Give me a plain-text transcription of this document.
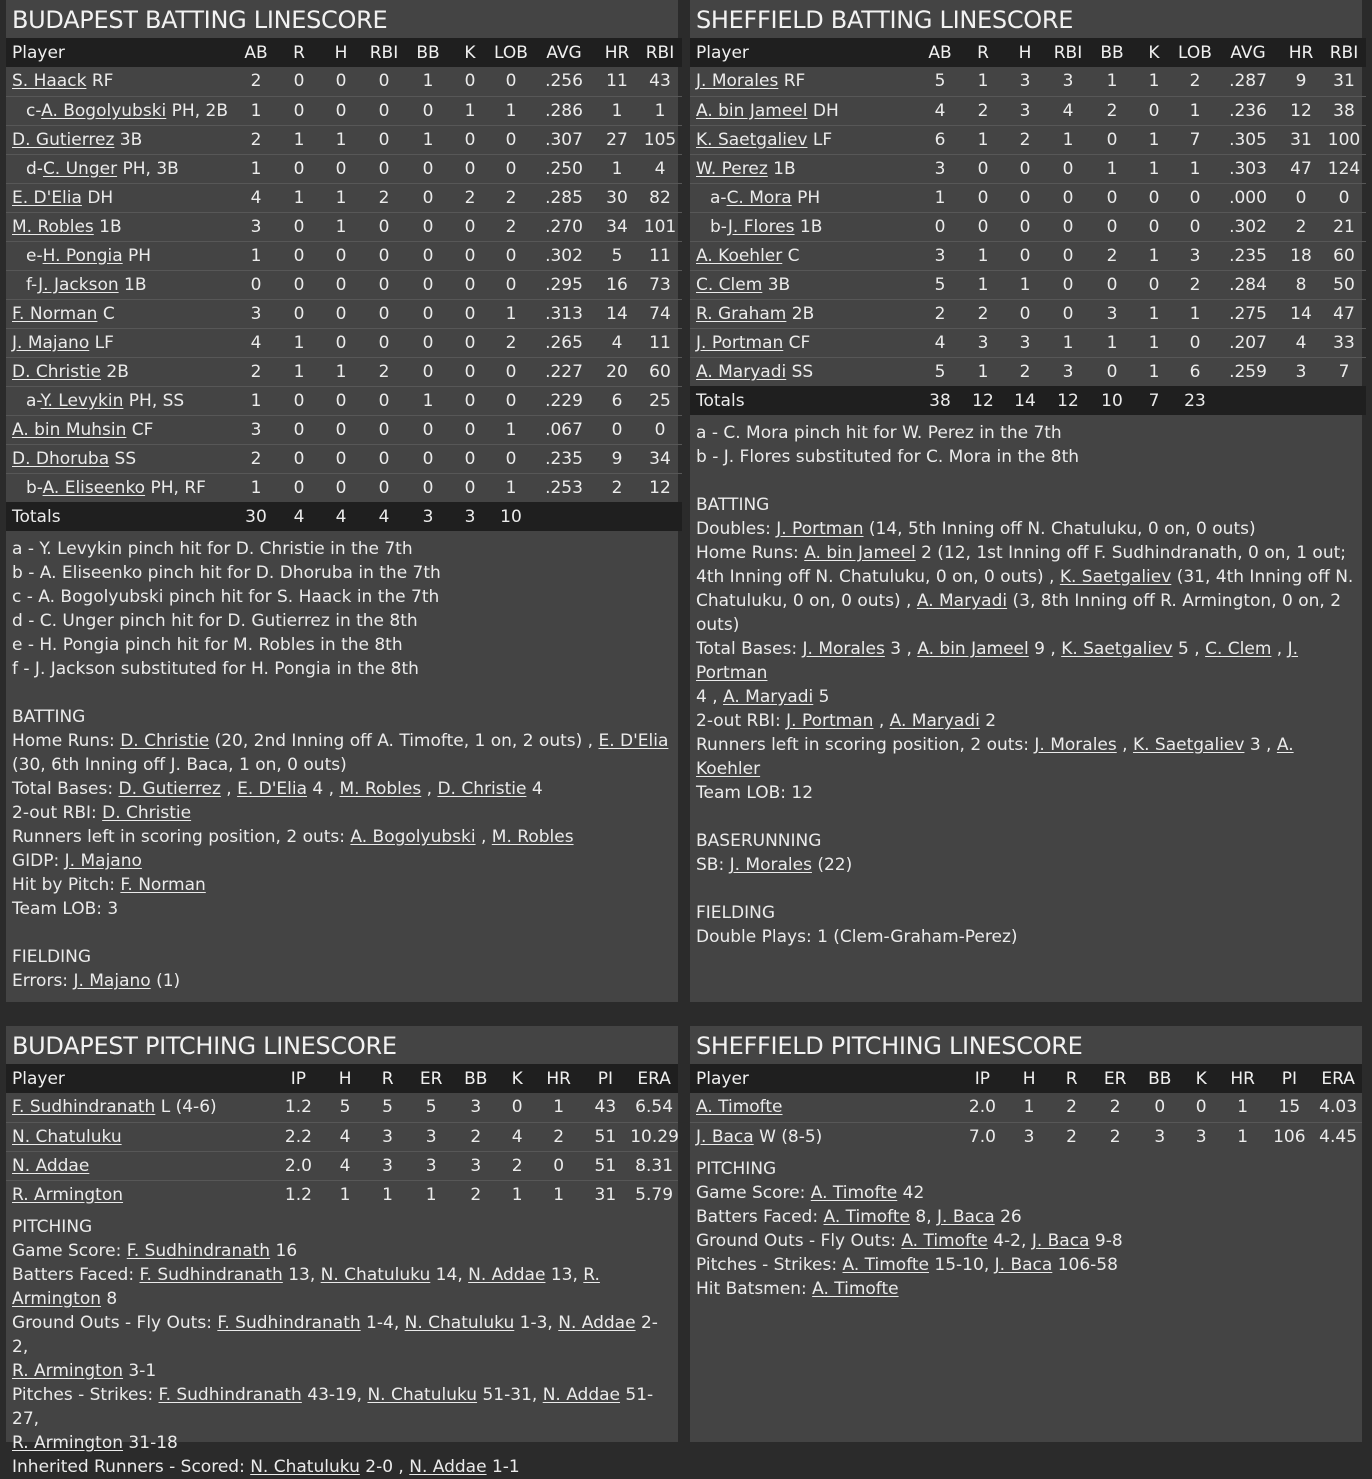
BUDAPEST BATTING LINESCORE
Player	AB	R	H	RBI	BB	K	LOB	AVG	HR	RBI
S. Haack RF	2	0	0	0	1	0	0	.256	11	43
c-A. Bogolyubski PH, 2B	1	0	0	0	0	1	1	.286	1	1
D. Gutierrez 3B	2	1	1	0	1	0	0	.307	27	105
d-C. Unger PH, 3B	1	0	0	0	0	0	0	.250	1	4
E. D'Elia DH	4	1	1	2	0	2	2	.285	30	82
M. Robles 1B	3	0	1	0	0	0	2	.270	34	101
e-H. Pongia PH	1	0	0	0	0	0	0	.302	5	11
f-J. Jackson 1B	0	0	0	0	0	0	0	.295	16	73
F. Norman C	3	0	0	0	0	0	1	.313	14	74
J. Majano LF	4	1	0	0	0	0	2	.265	4	11
D. Christie 2B	2	1	1	2	0	0	0	.227	20	60
a-Y. Levykin PH, SS	1	0	0	0	1	0	0	.229	6	25
A. bin Muhsin CF	3	0	0	0	0	0	1	.067	0	0
D. Dhoruba SS	2	0	0	0	0	0	0	.235	9	34
b-A. Eliseenko PH, RF	1	0	0	0	0	0	1	.253	2	12
Totals	30	4	4	4	3	3	10			
a - Y. Levykin pinch hit for D. Christie in the 7th
b - A. Eliseenko pinch hit for D. Dhoruba in the 7th
c - A. Bogolyubski pinch hit for S. Haack in the 7th
d - C. Unger pinch hit for D. Gutierrez in the 8th
e - H. Pongia pinch hit for M. Robles in the 8th
f - J. Jackson substituted for H. Pongia in the 8th
BATTING
Home Runs: D. Christie (20, 2nd Inning off A. Timofte, 1 on, 2 outs) , E. D'Elia
(30, 6th Inning off J. Baca, 1 on, 0 outs)
Total Bases: D. Gutierrez , E. D'Elia 4 , M. Robles , D. Christie 4
2-out RBI: D. Christie
Runners left in scoring position, 2 outs: A. Bogolyubski , M. Robles
GIDP: J. Majano
Hit by Pitch: F. Norman
Team LOB: 3
FIELDING
Errors: J. Majano (1)
SHEFFIELD BATTING LINESCORE
Player	AB	R	H	RBI	BB	K	LOB	AVG	HR	RBI
J. Morales RF	5	1	3	3	1	1	2	.287	9	31
A. bin Jameel DH	4	2	3	4	2	0	1	.236	12	38
K. Saetgaliev LF	6	1	2	1	0	1	7	.305	31	100
W. Perez 1B	3	0	0	0	1	1	1	.303	47	124
a-C. Mora PH	1	0	0	0	0	0	0	.000	0	0
b-J. Flores 1B	0	0	0	0	0	0	0	.302	2	21
A. Koehler C	3	1	0	0	2	1	3	.235	18	60
C. Clem 3B	5	1	1	0	0	0	2	.284	8	50
R. Graham 2B	2	2	0	0	3	1	1	.275	14	47
J. Portman CF	4	3	3	1	1	1	0	.207	4	33
A. Maryadi SS	5	1	2	3	0	1	6	.259	3	7
Totals	38	12	14	12	10	7	23			
a - C. Mora pinch hit for W. Perez in the 7th
b - J. Flores substituted for C. Mora in the 8th
BATTING
Doubles: J. Portman (14, 5th Inning off N. Chatuluku, 0 on, 0 outs)
Home Runs: A. bin Jameel 2 (12, 1st Inning off F. Sudhindranath, 0 on, 1 out;
4th Inning off N. Chatuluku, 0 on, 0 outs) , K. Saetgaliev (31, 4th Inning off N.
Chatuluku, 0 on, 0 outs) , A. Maryadi (3, 8th Inning off R. Armington, 0 on, 2
outs)
Total Bases: J. Morales 3 , A. bin Jameel 9 , K. Saetgaliev 5 , C. Clem , J. Portman
4 , A. Maryadi 5
2-out RBI: J. Portman , A. Maryadi 2
Runners left in scoring position, 2 outs: J. Morales , K. Saetgaliev 3 , A. Koehler
Team LOB: 12
BASERUNNING
SB: J. Morales (22)
FIELDING
Double Plays: 1 (Clem-Graham-Perez)
BUDAPEST PITCHING LINESCORE
Player	IP	H	R	ER	BB	K	HR	PI	ERA
F. Sudhindranath L (4-6)	1.2	5	5	5	3	0	1	43	6.54
N. Chatuluku	2.2	4	3	3	2	4	2	51	10.29
N. Addae	2.0	4	3	3	3	2	0	51	8.31
R. Armington	1.2	1	1	1	2	1	1	31	5.79
PITCHING
Game Score: F. Sudhindranath 16
Batters Faced: F. Sudhindranath 13, N. Chatuluku 14, N. Addae 13, R.
Armington 8
Ground Outs - Fly Outs: F. Sudhindranath 1-4, N. Chatuluku 1-3, N. Addae 2-2,
R. Armington 3-1
Pitches - Strikes: F. Sudhindranath 43-19, N. Chatuluku 51-31, N. Addae 51-27,
R. Armington 31-18
Inherited Runners - Scored: N. Chatuluku 2-0 , N. Addae 1-1
SHEFFIELD PITCHING LINESCORE
Player	IP	H	R	ER	BB	K	HR	PI	ERA
A. Timofte	2.0	1	2	2	0	0	1	15	4.03
J. Baca W (8-5)	7.0	3	2	2	3	3	1	106	4.45
PITCHING
Game Score: A. Timofte 42
Batters Faced: A. Timofte 8, J. Baca 26
Ground Outs - Fly Outs: A. Timofte 4-2, J. Baca 9-8
Pitches - Strikes: A. Timofte 15-10, J. Baca 106-58
Hit Batsmen: A. Timofte
